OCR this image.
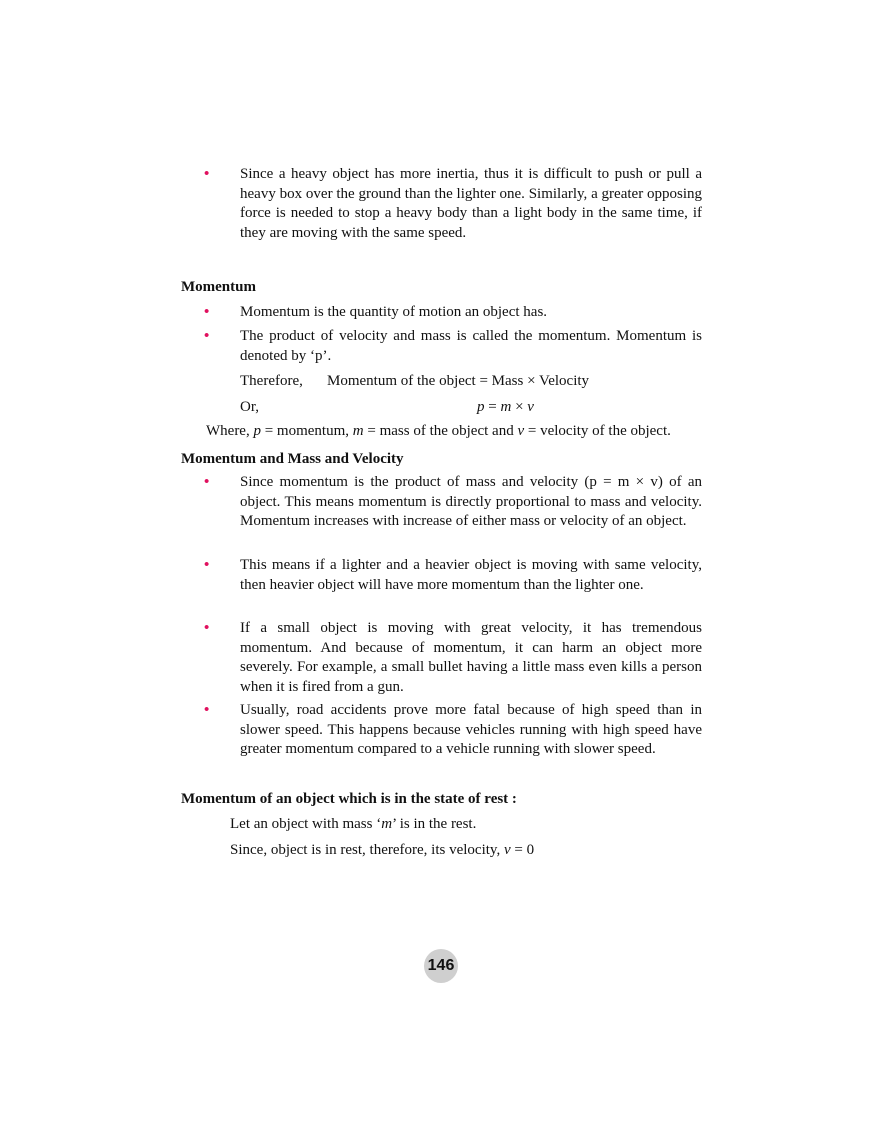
•	Since a heavy object has more inertia, thus it is difficult to push or pull a heavy box over the ground than the lighter one. Similarly, a greater opposing force is needed to stop a heavy body than a light body in the same time, if they are moving with the same speed.
Momentum
•	Momentum is the quantity of motion an object has.
•	The product of velocity and mass is called the momentum. Momentum is denoted by ‘p’.
Therefore, Momentum of the object = Mass × Velocity
Or,	p = m × v
Where, p = momentum, m = mass of the object and v = velocity of the object.
Momentum and Mass and Velocity
•	Since momentum is the product of mass and velocity (p = m × v) of an object. This means momentum is directly proportional to mass and velocity. Momentum increases with increase of either mass or velocity of an object.
•	This means if a lighter and a heavier object is moving with same velocity, then heavier object will have more momentum than the lighter one.
•	If a small object is moving with great velocity, it has tremendous momentum. And because of momentum, it can harm an object more severely. For example, a small bullet having a little mass even kills a person when it is fired from a gun.
•	Usually, road accidents prove more fatal because of high speed than in slower speed. This happens because vehicles running with high speed have greater momentum compared to a vehicle running with slower speed.
Momentum of an object which is in the state of rest :
Let an object with mass ‘m’ is in the rest.
Since, object is in rest, therefore, its velocity, v = 0
146
